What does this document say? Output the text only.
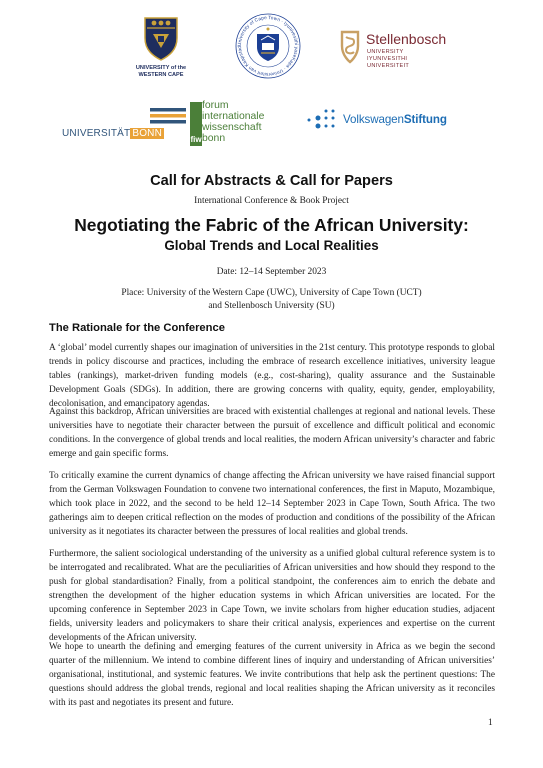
UNIVERSITY of the
WESTERN CAPE
University of Cape Town · Iyunivesithi yaseKapa · Universiteit van Kaapstad
Stellenbosch
UNIVERSITY
IYUNIVESITHI
UNIVERSITEIT
UNIVERSITÄT BONN
fiw
forum
internationale
wissenschaft
bonn
VolkswagenStiftung
Call for Abstracts & Call for Papers
International Conference & Book Project
Negotiating the Fabric of the African University:
Global Trends and Local Realities
Date: 12–14 September 2023
Place: University of the Western Cape (UWC), University of Cape Town (UCT)
and Stellenbosch University (SU)
The Rationale for the Conference

A ‘global’ model currently shapes our imagination of universities in the 21st century. This prototype responds to global trends in policy discourse and practices, including the embrace of research excellence initiatives, university league tables (rankings), market-driven funding models (e.g., cost-sharing), quality assurance and the Sustainable Development Goals (SDGs). In addition, there are growing concerns with quality, equity, gender, employability, decolonisation, and emancipatory agendas.

Against this backdrop, African universities are braced with existential challenges at regional and national levels. These universities have to negotiate their character between the pursuit of excellence and difficult political and economic conditions. In the convergence of global trends and local realities, the modern African university’s character and fabric emerge and gain specific forms.

To critically examine the current dynamics of change affecting the African university we have raised financial support from the German Volkswagen Foundation to convene two international conferences, the first in Maputo, Mozambique, which took place in 2022, and the second to be held 12–14 September 2023 in Cape Town, South Africa. The two gatherings aim to deepen critical reflection on the modes of production and conditions of the possibility of the African university as it negotiates its character between the pressures of local realities and global trends.

Furthermore, the salient sociological understanding of the university as a unified global cultural reference system is to be interrogated and recalibrated. What are the peculiarities of African universities and how should they respond to the push for global standardisation? Finally, from a political standpoint, the conferences aim to enrich the debate and strengthen the development of the higher education systems in which African universities are located. For the upcoming conference in September 2023 in Cape Town, we invite scholars from higher education studies, adjacent fields, university leaders and policymakers to share their critical analysis, experiences and expertise on the current developments of the African university.

We hope to unearth the defining and emerging features of the current university in Africa as we begin the second quarter of the millennium. We intend to combine different lines of inquiry and understanding of African universities’ organisational, institutional, and systemic features. We invite contributions that help ask the pertinent questions: The questions should address the global trends, regional and local realities shaping the African university as it reconciles with its past and negotiates its present and future.

1
